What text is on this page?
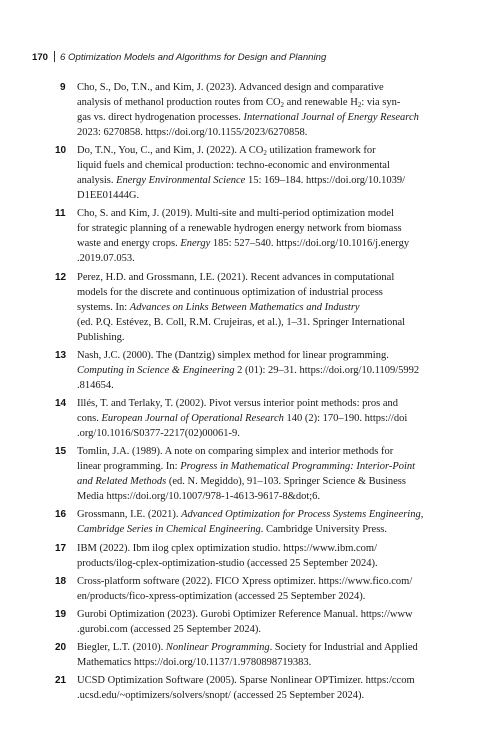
170 6 Optimization Models and Algorithms for Design and Planning
9	Cho, S., Do, T.N., and Kim, J. (2023). Advanced design and comparative
analysis of methanol production routes from $CO_2$ and renewable $H_2$: via syn-
gas vs. direct hydrogenation processes. International Journal of Energy Research
2023: 6270858. https://doi.org/10.1155/2023/6270858.
10 Do, T.N., You, C., and Kim, J. (2022). A $CO_2$ utilization framework for
liquid fuels and chemical production: techno-economic and environmental
analysis. Energy Environmental Science 15: 169–184. https://doi.org/10.1039/
D1EE01444G.
11	Cho, S. and Kim, J. (2019). Multi-site and multi-period optimization model
for strategic planning of a renewable hydrogen energy network from biomass
waste and energy crops. Energy 185: 527–540. https://doi.org/10.1016/j.energy
.2019.07.053.
12 Perez, H.D. and Grossmann, I.E. (2021). Recent advances in computational
models for the discrete and continuous optimization of industrial process
systems. In: Advances on Links Between Mathematics and Industry
(ed. P.Q. Estévez, B. Coll, R.M. Crujeiras, et al.), 1–31. Springer International
Publishing.
13 Nash, J.C. (2000). The (Dantzig) simplex method for linear programming.
Computing in Science & Engineering 2 (01): 29–31. https://doi.org/10.1109/5992
.814654.
14 Illés, T. and Terlaky, T. (2002). Pivot versus interior point methods: pros and
cons. European Journal of Operational Research 140 (2): 170–190. https://doi
.org/10.1016/S0377-2217(02)00061-9.
15 Tomlin, J.A. (1989). A note on comparing simplex and interior methods for
linear programming. In: Progress in Mathematical Programming: Interior-Point
and Related Methods (ed. N. Megiddo), 91–103. Springer Science & Business
Media https://doi.org/10.1007/978-1-4613-9617-8&dot;6.
16 Grossmann, I.E. (2021). Advanced Optimization for Process Systems Engineering,
Cambridge Series in Chemical Engineering. Cambridge University Press.
17 IBM (2022). Ibm ilog cplex optimization studio. https://www.ibm.com/
products/ilog-cplex-optimization-studio (accessed 25 September 2024).
18 Cross-platform software (2022). FICO Xpress optimizer. https://www.fico.com/
en/products/fico-xpress-optimization (accessed 25 September 2024).
19 Gurobi Optimization (2023). Gurobi Optimizer Reference Manual. https://www
.gurobi.com (accessed 25 September 2024).
20 Biegler, L.T. (2010). Nonlinear Programming. Society for Industrial and Applied
Mathematics https://doi.org/10.1137/1.9780898719383.
21 UCSD Optimization Software (2005). Sparse Nonlinear OPTimizer. https:/ccom
.ucsd.edu/~optimizers/solvers/snopt/ (accessed 25 September 2024).
